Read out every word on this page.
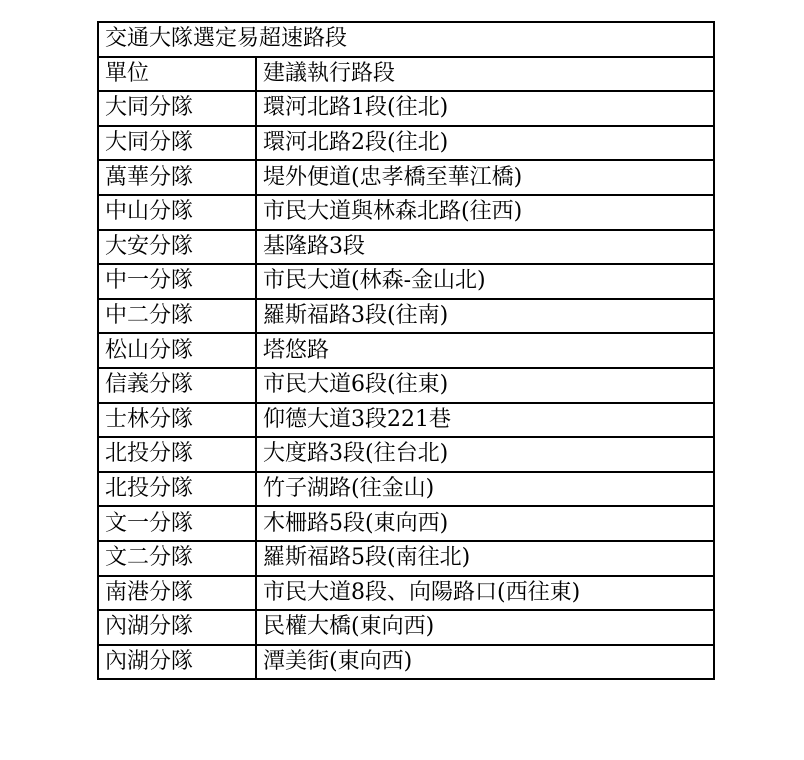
交通大隊選定易超速路段	
單位	建議執行路段
大同分隊	環河北路1段(往北)
大同分隊	環河北路2段(往北)
萬華分隊	堤外便道(忠孝橋至華江橋)
中山分隊	市民大道與林森北路(往西)
大安分隊	基隆路3段
中一分隊	市民大道(林森-金山北)
中二分隊	羅斯福路3段(往南)
松山分隊	塔悠路
信義分隊	市民大道6段(往東)
士林分隊	仰德大道3段221巷
北投分隊	大度路3段(往台北)
北投分隊	竹子湖路(往金山)
文一分隊	木柵路5段(東向西)
文二分隊	羅斯福路5段(南往北)
南港分隊	市民大道8段、向陽路口(西往東)
內湖分隊	民權大橋(東向西)
內湖分隊	潭美街(東向西)
